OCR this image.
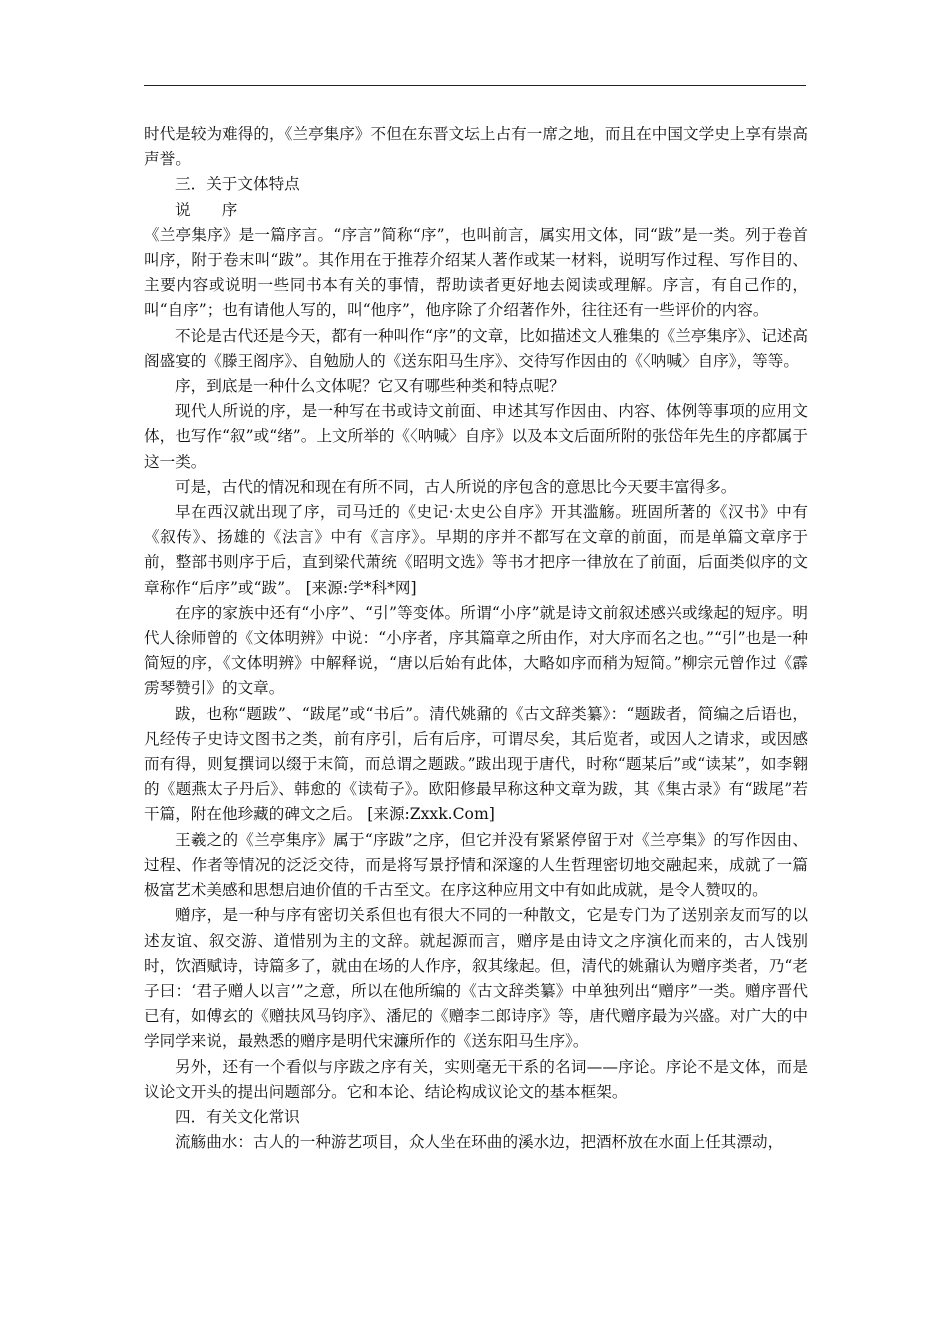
时代是较为难得的，《兰亭集序》不但在东晋文坛上占有一席之地，而且在中国文学史上享有崇高声誉。

三．关于文体特点

说　　序

《兰亭集序》是一篇序言。“序言”简称“序”，也叫前言，属实用文体，同“跋”是一类。列于卷首叫序，附于卷末叫“跋”。其作用在于推荐介绍某人著作或某一材料，说明写作过程、写作目的、主要内容或说明一些同书本有关的事情，帮助读者更好地去阅读或理解。序言，有自己作的，叫“自序”；也有请他人写的，叫“他序”，他序除了介绍著作外，往往还有一些评价的内容。

不论是古代还是今天，都有一种叫作“序”的文章，比如描述文人雅集的《兰亭集序》、记述高阁盛宴的《滕王阁序》、自勉励人的《送东阳马生序》、交待写作因由的《〈呐喊〉自序》，等等。

序，到底是一种什么文体呢？它又有哪些种类和特点呢？

现代人所说的序，是一种写在书或诗文前面、申述其写作因由、内容、体例等事项的应用文体，也写作“叙”或“绪”。上文所举的《〈呐喊〉自序》以及本文后面所附的张岱年先生的序都属于这一类。

可是，古代的情况和现在有所不同，古人所说的序包含的意思比今天要丰富得多。

早在西汉就出现了序，司马迁的《史记·太史公自序》开其滥觞。班固所著的《汉书》中有《叙传》、扬雄的《法言》中有《言序》。早期的序并不都写在文章的前面，而是单篇文章序于前，整部书则序于后，直到梁代萧统《昭明文选》等书才把序一律放在了前面，后面类似序的文章称作“后序”或“跋”。 [来源:学*科*网]

在序的家族中还有“小序”、“引”等变体。所谓“小序”就是诗文前叙述感兴或缘起的短序。明代人徐师曾的《文体明辨》中说：“小序者，序其篇章之所由作，对大序而名之也。”“引”也是一种简短的序，《文体明辨》中解释说，“唐以后始有此体，大略如序而稍为短简。”柳宗元曾作过《霹雳琴赞引》的文章。

跋，也称“题跋”、“跋尾”或“书后”。清代姚鼐的《古文辞类纂》：“题跋者，简编之后语也，凡经传子史诗文图书之类，前有序引，后有后序，可谓尽矣，其后览者，或因人之请求，或因感而有得，则复撰词以缀于末简，而总谓之题跋。”跋出现于唐代，时称“题某后”或“读某”，如李翱的《题燕太子丹后》、韩愈的《读荀子》。欧阳修最早称这种文章为跋，其《集古录》有“跋尾”若干篇，附在他珍藏的碑文之后。 [来源:Zxxk.Com]

王羲之的《兰亭集序》属于“序跋”之序，但它并没有紧紧停留于对《兰亭集》的写作因由、过程、作者等情况的泛泛交待，而是将写景抒情和深邃的人生哲理密切地交融起来，成就了一篇极富艺术美感和思想启迪价值的千古至文。在序这种应用文中有如此成就，是令人赞叹的。

赠序，是一种与序有密切关系但也有很大不同的一种散文，它是专门为了送别亲友而写的以述友谊、叙交游、道惜别为主的文辞。就起源而言，赠序是由诗文之序演化而来的，古人饯别时，饮酒赋诗，诗篇多了，就由在场的人作序，叙其缘起。但，清代的姚鼐认为赠序类者，乃“老子曰：‘君子赠人以言’”之意，所以在他所编的《古文辞类纂》中单独列出“赠序”一类。赠序晋代已有，如傅玄的《赠扶风马钧序》、潘尼的《赠李二郎诗序》等，唐代赠序最为兴盛。对广大的中学同学来说，最熟悉的赠序是明代宋濂所作的《送东阳马生序》。

另外，还有一个看似与序跋之序有关，实则毫无干系的名词——序论。序论不是文体，而是议论文开头的提出问题部分。它和本论、结论构成议论文的基本框架。

四．有关文化常识

流觞曲水：古人的一种游艺项目，众人坐在环曲的溪水边，把酒杯放在水面上任其漂动，
